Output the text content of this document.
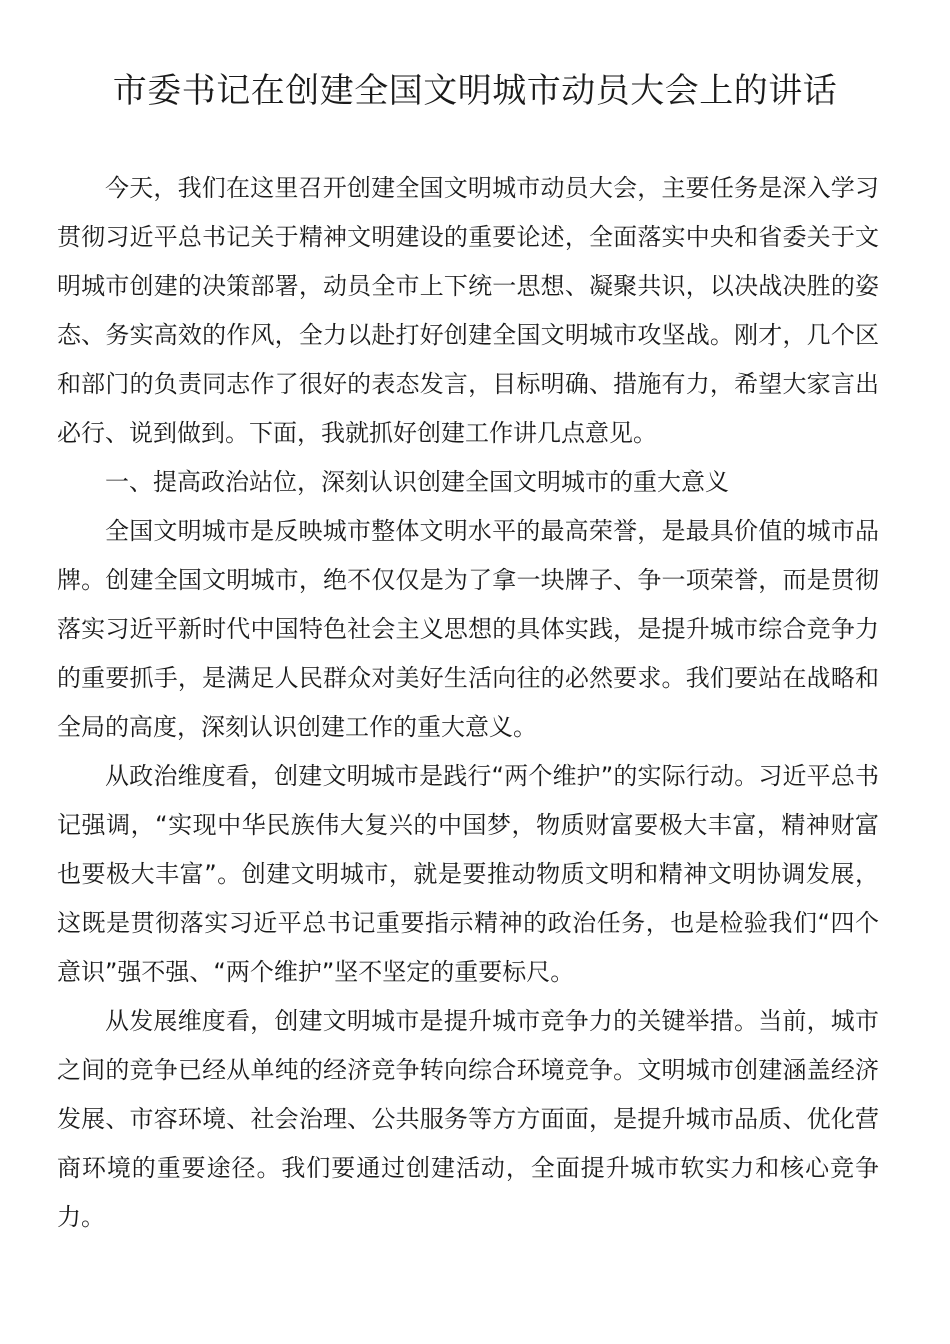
市委书记在创建全国文明城市动员大会上的讲话

今天，我们在这里召开创建全国文明城市动员大会，主要任务是深入学习贯彻习近平总书记关于精神文明建设的重要论述，全面落实中央和省委关于文明城市创建的决策部署，动员全市上下统一思想、凝聚共识，以决战决胜的姿态、务实高效的作风，全力以赴打好创建全国文明城市攻坚战。刚才，几个区和部门的负责同志作了很好的表态发言，目标明确、措施有力，希望大家言出必行、说到做到。下面，我就抓好创建工作讲几点意见。

一、提高政治站位，深刻认识创建全国文明城市的重大意义

全国文明城市是反映城市整体文明水平的最高荣誉，是最具价值的城市品牌。创建全国文明城市，绝不仅仅是为了拿一块牌子、争一项荣誉，而是贯彻落实习近平新时代中国特色社会主义思想的具体实践，是提升城市综合竞争力的重要抓手，是满足人民群众对美好生活向往的必然要求。我们要站在战略和全局的高度，深刻认识创建工作的重大意义。

从政治维度看，创建文明城市是践行“两个维护”的实际行动。习近平总书记强调，“实现中华民族伟大复兴的中国梦，物质财富要极大丰富，精神财富也要极大丰富”。创建文明城市，就是要推动物质文明和精神文明协调发展，这既是贯彻落实习近平总书记重要指示精神的政治任务，也是检验我们“四个意识”强不强、“两个维护”坚不坚定的重要标尺。

从发展维度看，创建文明城市是提升城市竞争力的关键举措。当前，城市之间的竞争已经从单纯的经济竞争转向综合环境竞争。文明城市创建涵盖经济发展、市容环境、社会治理、公共服务等方方面面，是提升城市品质、优化营商环境的重要途径。我们要通过创建活动，全面提升城市软实力和核心竞争力。
